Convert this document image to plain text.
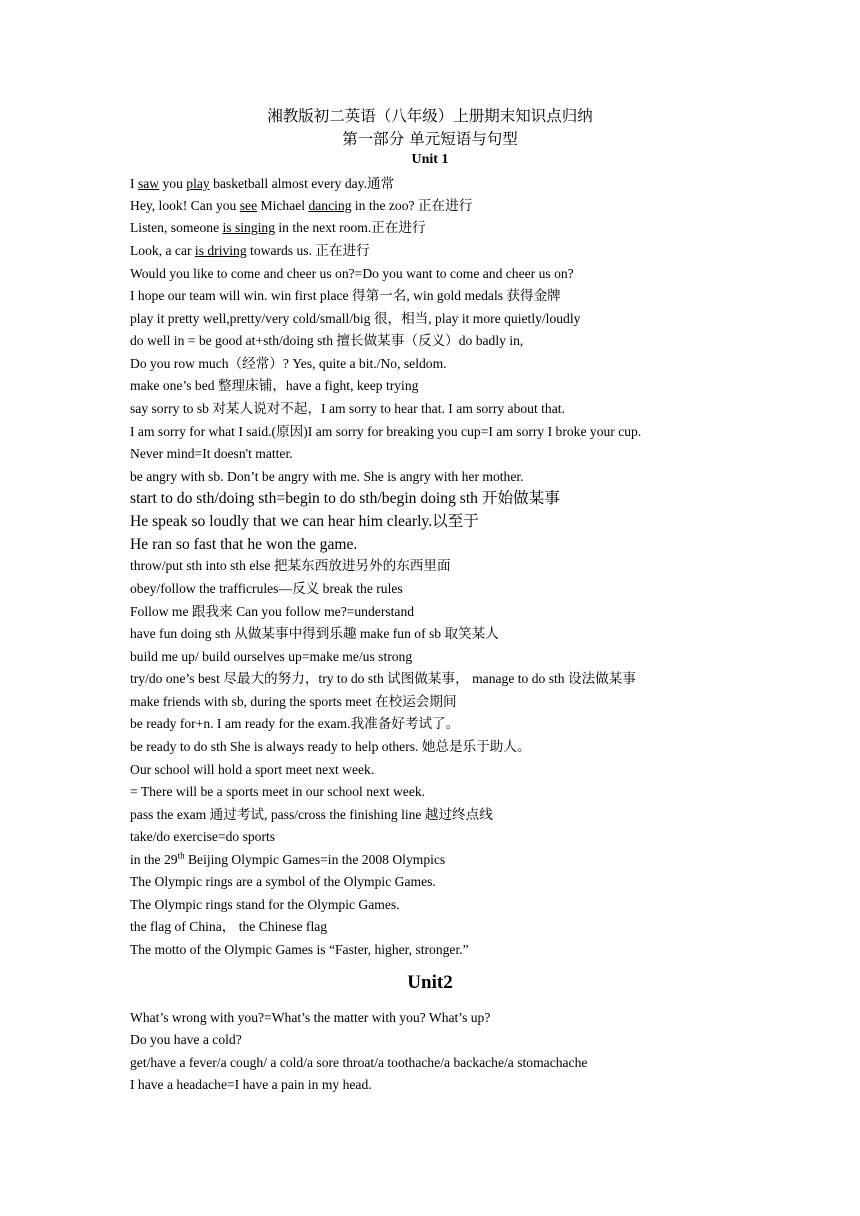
湘教版初二英语（八年级）上册期末知识点归纳
第一部分 单元短语与句型
Unit 1
I saw you play basketball almost every day.通常
Hey, look! Can you see Michael dancing in the zoo? 正在进行
Listen, someone is singing in the next room.正在进行
Look, a car is driving towards us. 正在进行
Would you like to come and cheer us on?=Do you want to come and cheer us on?
I hope our team will win. win first place 得第一名, win gold medals 获得金牌
play it pretty well,pretty/very cold/small/big 很，相当, play it more quietly/loudly
do well in = be good at+sth/doing sth 擅长做某事（反义）do badly in,
Do you row much（经常）? Yes, quite a bit./No, seldom.
make one’s bed 整理床铺，have a fight, keep trying
say sorry to sb 对某人说对不起，I am sorry to hear that. I am sorry about that.
I am sorry for what I said.(原因)I am sorry for breaking you cup=I am sorry I broke your cup.
Never mind=It doesn't matter.
be angry with sb. Don’t be angry with me. She is angry with her mother.
start to do sth/doing sth=begin to do sth/begin doing sth 开始做某事
He speak so loudly that we can hear him clearly.以至于
He ran so fast that he won the game.
throw/put sth into sth else 把某东西放进另外的东西里面
obey/follow the trafficrules—反义 break the rules
Follow me 跟我来 Can you follow me?=understand
have fun doing sth 从做某事中得到乐趣 make fun of sb 取笑某人
build me up/ build ourselves up=make me/us strong
try/do one’s best 尽最大的努力，try to do sth 试图做某事， manage to do sth 设法做某事
make friends with sb, during the sports meet 在校运会期间
be ready for+n. I am ready for the exam.我准备好考试了。
be ready to do sth She is always ready to help others. 她总是乐于助人。
Our school will hold a sport meet next week.
= There will be a sports meet in our school next week.
pass the exam 通过考试, pass/cross the finishing line 越过终点线
take/do exercise=do sports
in the 29th Beijing Olympic Games=in the 2008 Olympics
The Olympic rings are a symbol of the Olympic Games.
The Olympic rings stand for the Olympic Games.
the flag of China， the Chinese flag
The motto of the Olympic Games is “Faster, higher, stronger.”
Unit2
What’s wrong with you?=What’s the matter with you? What’s up?
Do you have a cold?
get/have a fever/a cough/ a cold/a sore throat/a toothache/a backache/a stomachache
I have a headache=I have a pain in my head.
